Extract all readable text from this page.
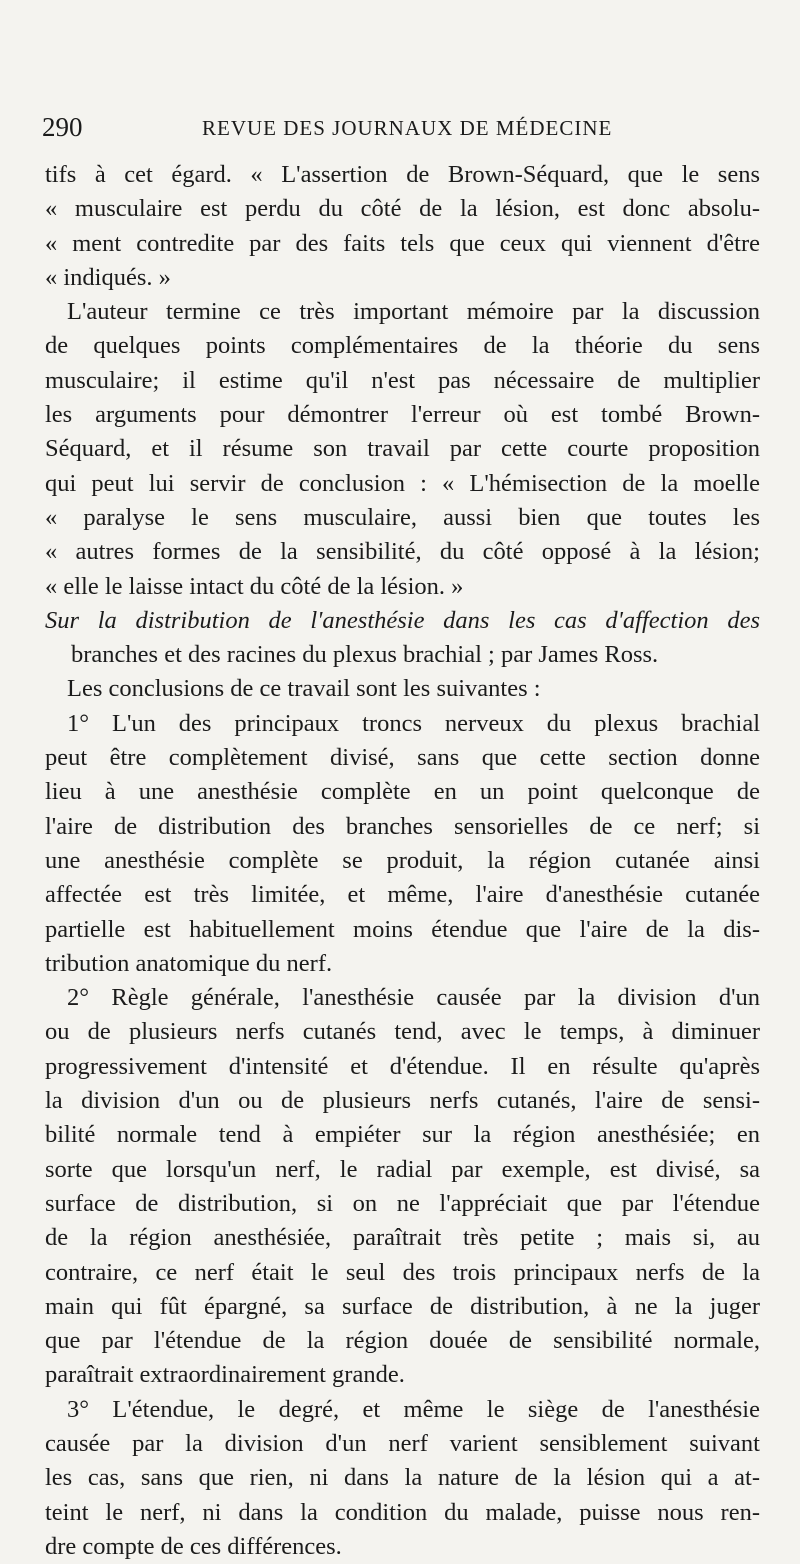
290	REVUE DES JOURNAUX DE MÉDECINE
tifs à cet égard. « L'assertion de Brown-Séquard, que le sens
« musculaire est perdu du côté de la lésion, est donc absolu-
« ment contredite par des faits tels que ceux qui viennent d'être
« indiqués. »
L'auteur termine ce très important mémoire par la discussion
de quelques points complémentaires de la théorie du sens
musculaire; il estime qu'il n'est pas nécessaire de multiplier
les arguments pour démontrer l'erreur où est tombé Brown-
Séquard, et il résume son travail par cette courte proposition
qui peut lui servir de conclusion : « L'hémisection de la moelle
« paralyse le sens musculaire, aussi bien que toutes les
« autres formes de la sensibilité, du côté opposé à la lésion;
« elle le laisse intact du côté de la lésion. »
Sur la distribution de l'anesthésie dans les cas d'affection des
branches et des racines du plexus brachial ; par James Ross.
Les conclusions de ce travail sont les suivantes :
1° L'un des principaux troncs nerveux du plexus brachial
peut être complètement divisé, sans que cette section donne
lieu à une anesthésie complète en un point quelconque de
l'aire de distribution des branches sensorielles de ce nerf; si
une anesthésie complète se produit, la région cutanée ainsi
affectée est très limitée, et même, l'aire d'anesthésie cutanée
partielle est habituellement moins étendue que l'aire de la dis-
tribution anatomique du nerf.
2° Règle générale, l'anesthésie causée par la division d'un
ou de plusieurs nerfs cutanés tend, avec le temps, à diminuer
progressivement d'intensité et d'étendue. Il en résulte qu'après
la division d'un ou de plusieurs nerfs cutanés, l'aire de sensi-
bilité normale tend à empiéter sur la région anesthésiée; en
sorte que lorsqu'un nerf, le radial par exemple, est divisé, sa
surface de distribution, si on ne l'appréciait que par l'étendue
de la région anesthésiée, paraîtrait très petite ; mais si, au
contraire, ce nerf était le seul des trois principaux nerfs de la
main qui fût épargné, sa surface de distribution, à ne la juger
que par l'étendue de la région douée de sensibilité normale,
paraîtrait extraordinairement grande.
3° L'étendue, le degré, et même le siège de l'anesthésie
causée par la division d'un nerf varient sensiblement suivant
les cas, sans que rien, ni dans la nature de la lésion qui a at-
teint le nerf, ni dans la condition du malade, puisse nous ren-
dre compte de ces différences.
